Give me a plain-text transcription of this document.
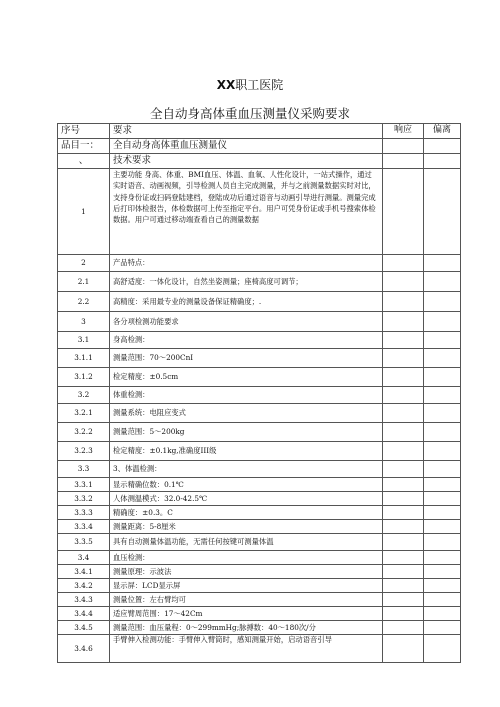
XX职工医院
全自动身高体重血压测量仪采购要求
序号	要求	响应	偏离
品目一：	全自动身高体重血压测量仪		
、	技术要求		
1	主要功能 身高、体重、BMI血压、体温、血氧、人性化设计，一站式操作，通过实时语音、动画视频，引导检测人员自主完成测量，并与之前测量数据实时对比，支持身份证或扫码登陆建档，登陆成功后通过语音与动画引导进行测量。测量完成后打印体检报告，体检数据可上传至指定平台。用户可凭身份证或手机号搜索体检数据。用户可通过移动端查看自己的测量数据		
2	产品特点：		
2.1	高舒适度：一体化设计，自然坐姿测量；座椅高度可调节；		
2.2	高精度：采用最专业的测量设备保证精确度；.		
3	各分项检测功能要求		
3.1	身高检测：		
3.1.1	测量范围：70～200CnI		
3.1.2	检定精度：±0.5cm		
3.2	体重检测：		
3.2.1	测量系统：电阻应变式		
3.2.2	测量范围：5～200kg		
3.2.3	检定精度：±0.1kg,准确度III级		
3.3	3、体温检测：		
3.3.1	显示精确位数：0.1℃		
3.3.2	人体测温模式：32.0-42.5℃		
3.3.3	精确度：±0.3。C		
3.3.4	测量距离：5-8厘米		
3.3.5	具有自动测量体温功能，无需任何按键可测量体温		
3.4	血压检测：		
3.4.1	测量原理：示波法		
3.4.2	显示屏：LCD显示屏		
3.4.3	测量位置：左右臂均可		
3.4.4	适应臂周范围：17～42Cm		
3.4.5	测量范围：血压量程：0～299mmHg;脉搏数：40～180次/分		
3.4.6	手臂伸入检测功能：手臂伸入臂筒时，感知测量开始，启动语音引导		
